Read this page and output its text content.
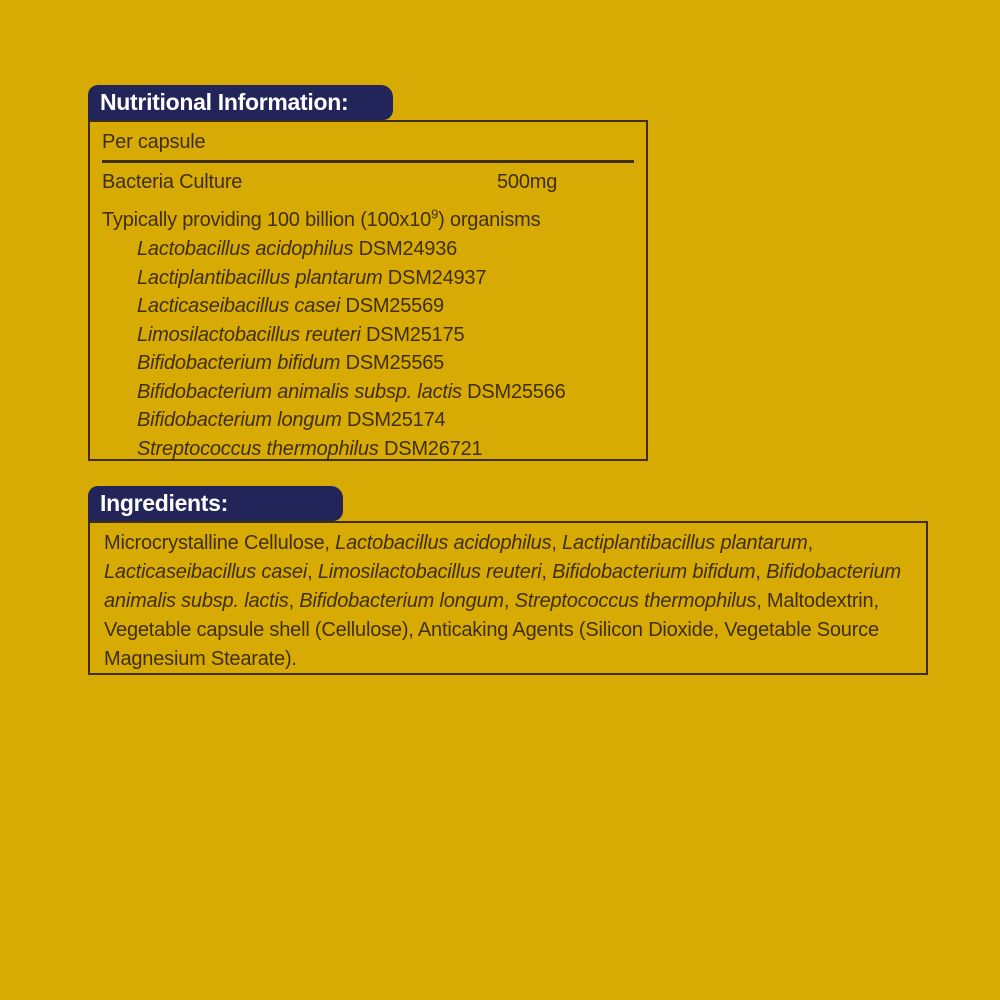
Nutritional Information:
Per capsule
Bacteria Culture	500mg
Typically providing 100 billion $(100x10^9)$ organisms
Lactobacillus acidophilus DSM24936
Lactiplantibacillus plantarum DSM24937
Lacticaseibacillus casei DSM25569
Limosilactobacillus reuteri DSM25175
Bifidobacterium bifidum DSM25565
Bifidobacterium animalis subsp. lactis DSM25566
Bifidobacterium longum DSM25174
Streptococcus thermophilus DSM26721
Ingredients:

Microcrystalline Cellulose, Lactobacillus acidophilus, Lactiplantibacillus plantarum, Lacticaseibacillus casei, Limosilactobacillus reuteri, Bifidobacterium bifidum, Bifidobacterium animalis subsp. lactis, Bifidobacterium longum, Streptococcus thermophilus, Maltodextrin, Vegetable capsule shell (Cellulose), Anticaking Agents (Silicon Dioxide, Vegetable Source Magnesium Stearate).
